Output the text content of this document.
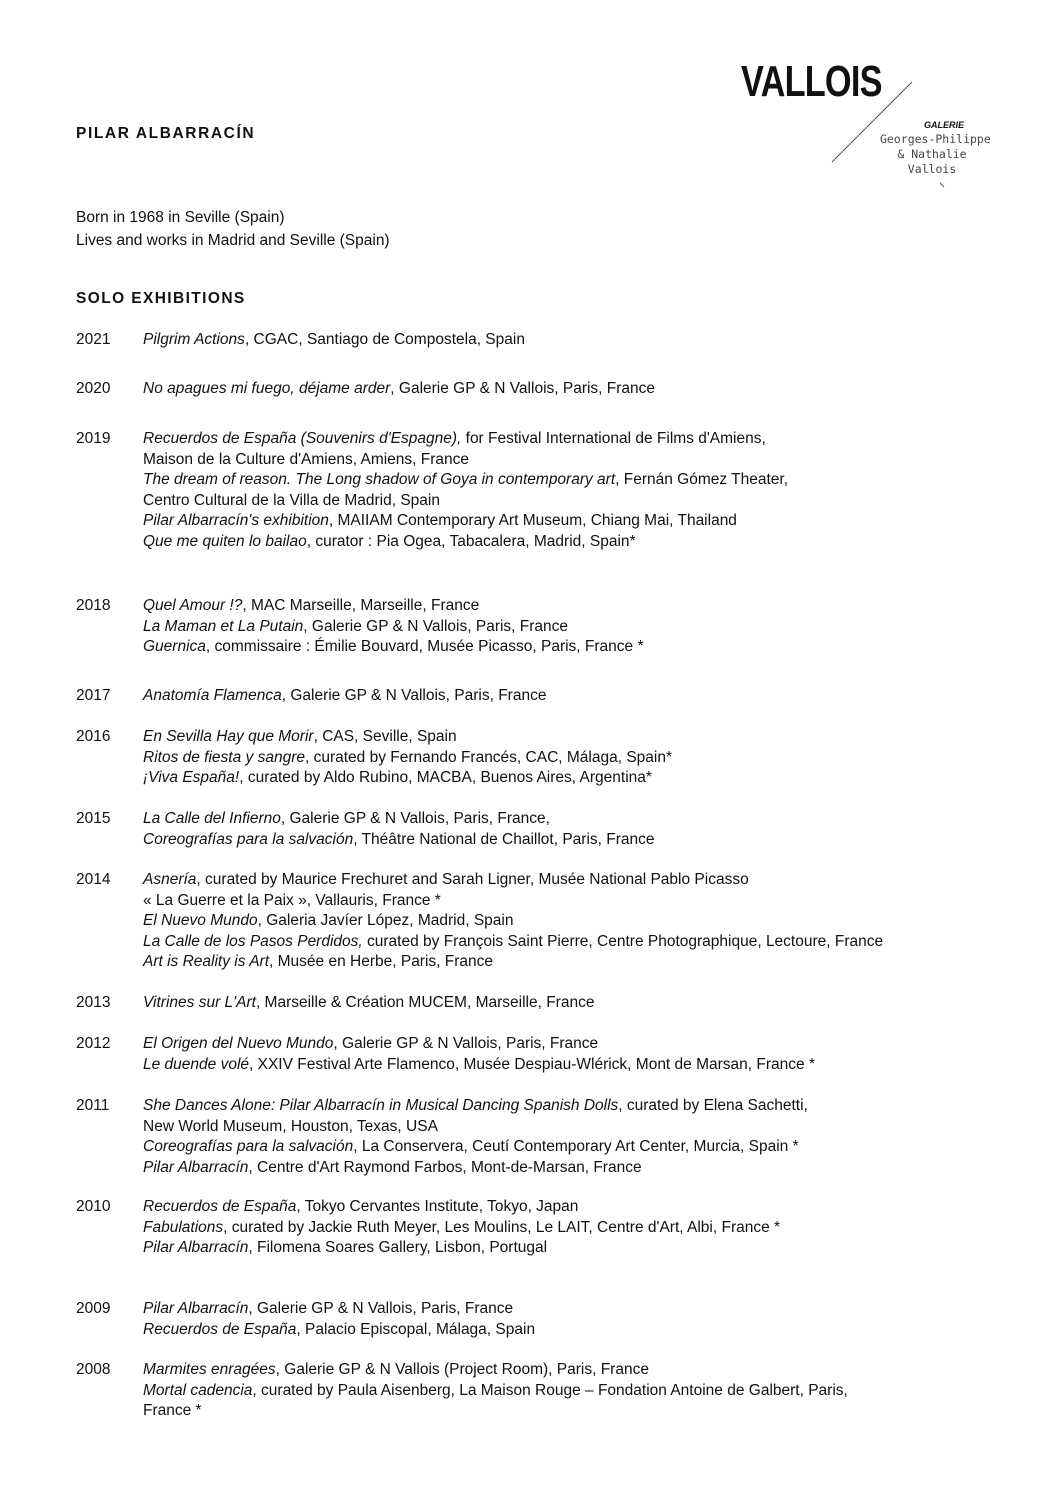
VALLOIS
GALERIE
Georges-Philippe
& Nathalie
Vallois
PILAR ALBARRACÍN
Born in 1968 in Seville (Spain)
Lives and works in Madrid and Seville (Spain)
SOLO EXHIBITIONS
2021 Pilgrim Actions, CGAC, Santiago de Compostela, Spain
2020 No apagues mi fuego, déjame arder, Galerie GP & N Vallois, Paris, France
2019 Recuerdos de España (Souvenirs d'Espagne), for Festival International de Films d'Amiens,
Maison de la Culture d'Amiens, Amiens, France
The dream of reason. The Long shadow of Goya in contemporary art, Fernán Gómez Theater,
Centro Cultural de la Villa de Madrid, Spain
Pilar Albarracín's exhibition, MAIIAM Contemporary Art Museum, Chiang Mai, Thailand
Que me quiten lo bailao, curator : Pia Ogea, Tabacalera, Madrid, Spain*
2018 Quel Amour !?, MAC Marseille, Marseille, France
La Maman et La Putain, Galerie GP & N Vallois, Paris, France
Guernica, commissaire : Émilie Bouvard, Musée Picasso, Paris, France *
2017 Anatomía Flamenca, Galerie GP & N Vallois, Paris, France
2016 En Sevilla Hay que Morir, CAS, Seville, Spain
Ritos de fiesta y sangre, curated by Fernando Francés, CAC, Málaga, Spain*
¡Viva España!, curated by Aldo Rubino, MACBA, Buenos Aires, Argentina*
2015 La Calle del Infierno, Galerie GP & N Vallois, Paris, France,
Coreografías para la salvación, Théâtre National de Chaillot, Paris, France
2014 Asnería, curated by Maurice Frechuret and Sarah Ligner, Musée National Pablo Picasso
« La Guerre et la Paix », Vallauris, France *
El Nuevo Mundo, Galeria Javíer López, Madrid, Spain
La Calle de los Pasos Perdidos, curated by François Saint Pierre, Centre Photographique, Lectoure, France
Art is Reality is Art, Musée en Herbe, Paris, France
2013 Vitrines sur L'Art, Marseille & Création MUCEM, Marseille, France
2012 El Origen del Nuevo Mundo, Galerie GP & N Vallois, Paris, France
Le duende volé, XXIV Festival Arte Flamenco, Musée Despiau-Wlérick, Mont de Marsan, France *
2011 She Dances Alone: Pilar Albarracín in Musical Dancing Spanish Dolls, curated by Elena Sachetti,
New World Museum, Houston, Texas, USA
Coreografías para la salvación, La Conservera, Ceutí Contemporary Art Center, Murcia, Spain *
Pilar Albarracín, Centre d'Art Raymond Farbos, Mont-de-Marsan, France
2010 Recuerdos de España, Tokyo Cervantes Institute, Tokyo, Japan
Fabulations, curated by Jackie Ruth Meyer, Les Moulins, Le LAIT, Centre d'Art, Albi, France *
Pilar Albarracín, Filomena Soares Gallery, Lisbon, Portugal
2009 Pilar Albarracín, Galerie GP & N Vallois, Paris, France
Recuerdos de España, Palacio Episcopal, Málaga, Spain
2008 Marmites enragées, Galerie GP & N Vallois (Project Room), Paris, France
Mortal cadencia, curated by Paula Aisenberg, La Maison Rouge – Fondation Antoine de Galbert, Paris,
France *
